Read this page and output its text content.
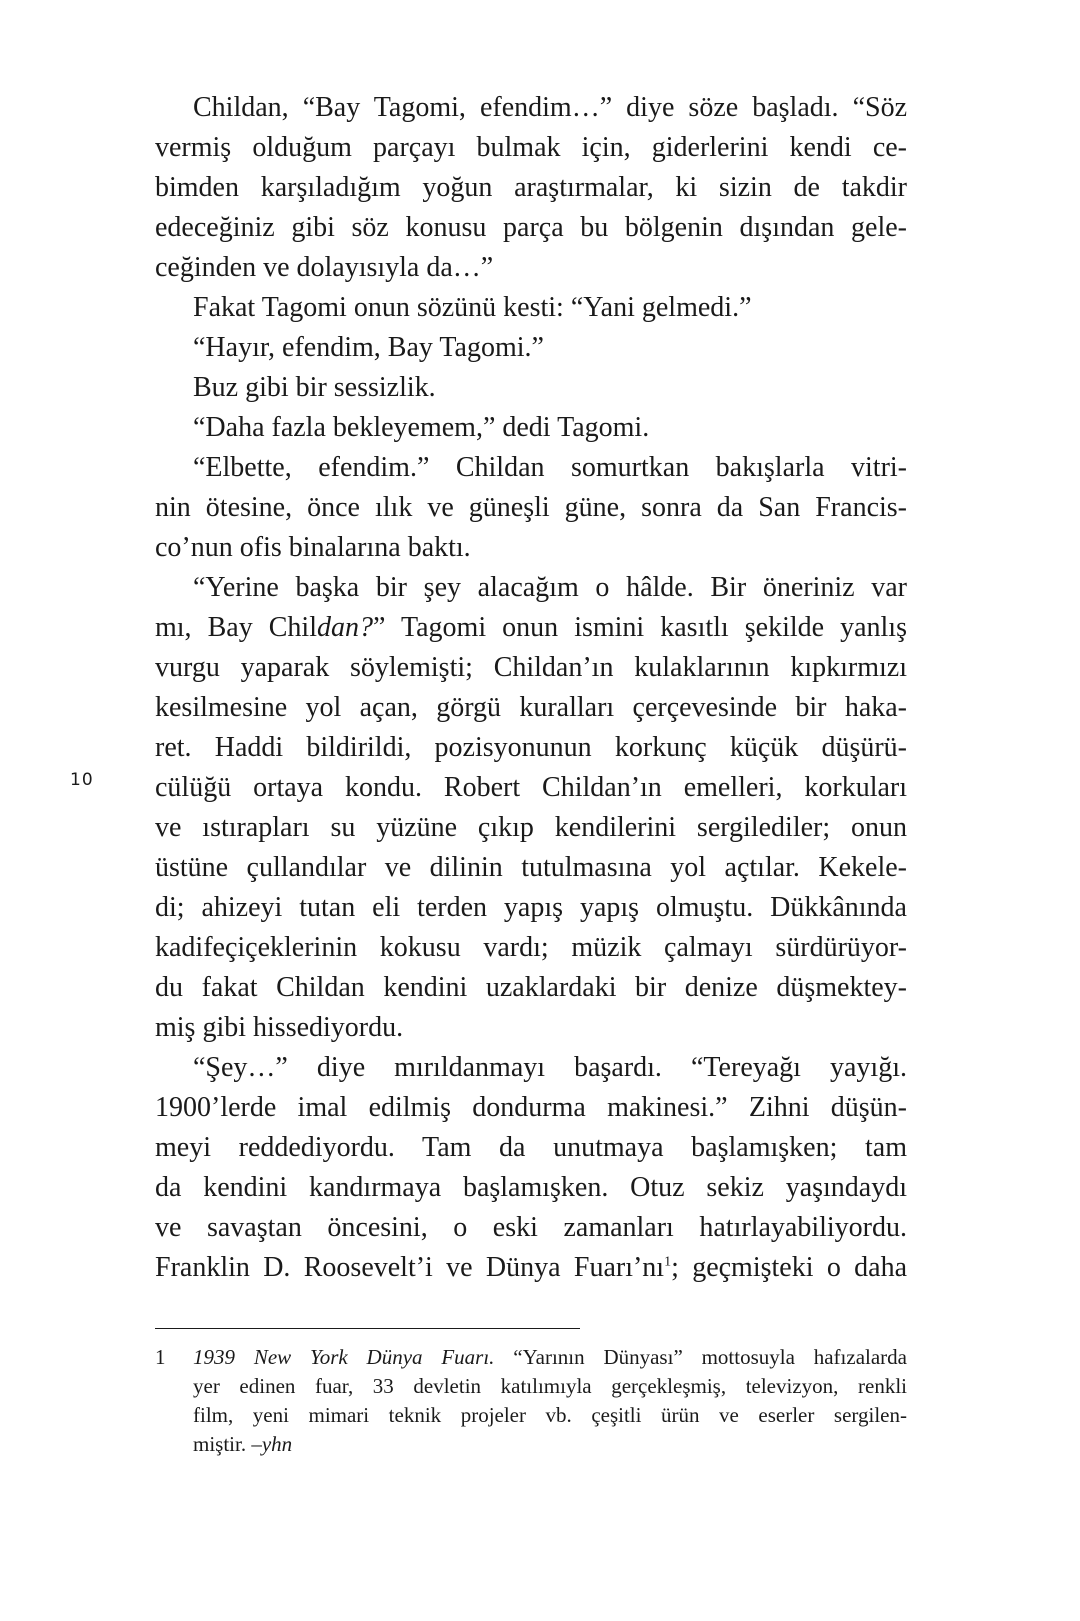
10
Childan, “Bay Tagomi, efendim…” diye söze başladı. “Söz
vermiş olduğum parçayı bulmak için, giderlerini kendi ce-
bimden karşıladığım yoğun araştırmalar, ki sizin de takdir
edeceğiniz gibi söz konusu parça bu bölgenin dışından gele-
ceğinden ve dolayısıyla da…”
Fakat Tagomi onun sözünü kesti: “Yani gelmedi.”
“Hayır, efendim, Bay Tagomi.”
Buz gibi bir sessizlik.
“Daha fazla bekleyemem,” dedi Tagomi.
“Elbette, efendim.” Childan somurtkan bakışlarla vitri-
nin ötesine, önce ılık ve güneşli güne, sonra da San Francis-
co’nun ofis binalarına baktı.
“Yerine başka bir şey alacağım o hâlde. Bir öneriniz var
mı, Bay Childan?” Tagomi onun ismini kasıtlı şekilde yanlış
vurgu yaparak söylemişti; Childan’ın kulaklarının kıpkırmızı
kesilmesine yol açan, görgü kuralları çerçevesinde bir haka-
ret. Haddi bildirildi, pozisyonunun korkunç küçük düşürü-
cülüğü ortaya kondu. Robert Childan’ın emelleri, korkuları
ve ıstırapları su yüzüne çıkıp kendilerini sergilediler; onun
üstüne çullandılar ve dilinin tutulmasına yol açtılar. Kekele-
di; ahizeyi tutan eli terden yapış yapış olmuştu. Dükkânında
kadifeçiçeklerinin kokusu vardı; müzik çalmayı sürdürüyor-
du fakat Childan kendini uzaklardaki bir denize düşmektey-
miş gibi hissediyordu.
“Şey…” diye mırıldanmayı başardı. “Tereyağı yayığı.
1900’lerde imal edilmiş dondurma makinesi.” Zihni düşün-
meyi reddediyordu. Tam da unutmaya başlamışken; tam
da kendini kandırmaya başlamışken. Otuz sekiz yaşındaydı
ve savaştan öncesini, o eski zamanları hatırlayabiliyordu.
Franklin D. Roosevelt’i ve Dünya $Fuarı’nı^1$; geçmişteki o daha
1 1939 New York Dünya Fuarı. “Yarının Dünyası” mottosuyla hafızalarda
yer edinen fuar, 33 devletin katılımıyla gerçekleşmiş, televizyon, renkli
film, yeni mimari teknik projeler vb. çeşitli ürün ve eserler sergilen-
miştir. –yhn
